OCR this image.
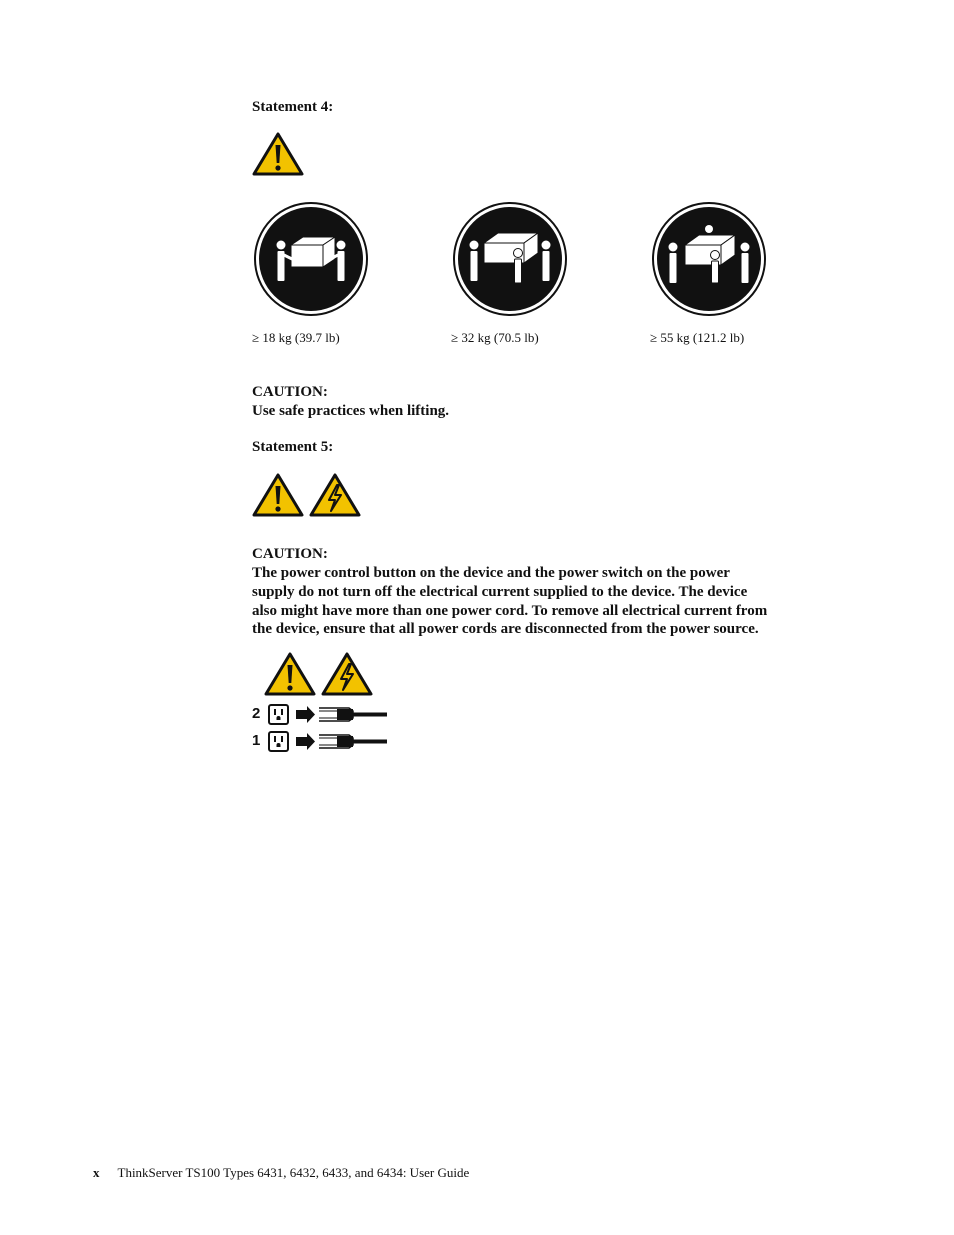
Statement 4:
≥ 18 kg (39.7 lb)	≥ 32 kg (70.5 lb)	≥ 55 kg (121.2 lb)
CAUTION:
Use safe practices when lifting.
Statement 5:
CAUTION:
The power control button on the device and the power switch on the power
supply do not turn off the electrical current supplied to the device. The device
also might have more than one power cord. To remove all electrical current from
the device, ensure that all power cords are disconnected from the power source.
2
1
x ThinkServer TS100 Types 6431, 6432, 6433, and 6434: User Guide
